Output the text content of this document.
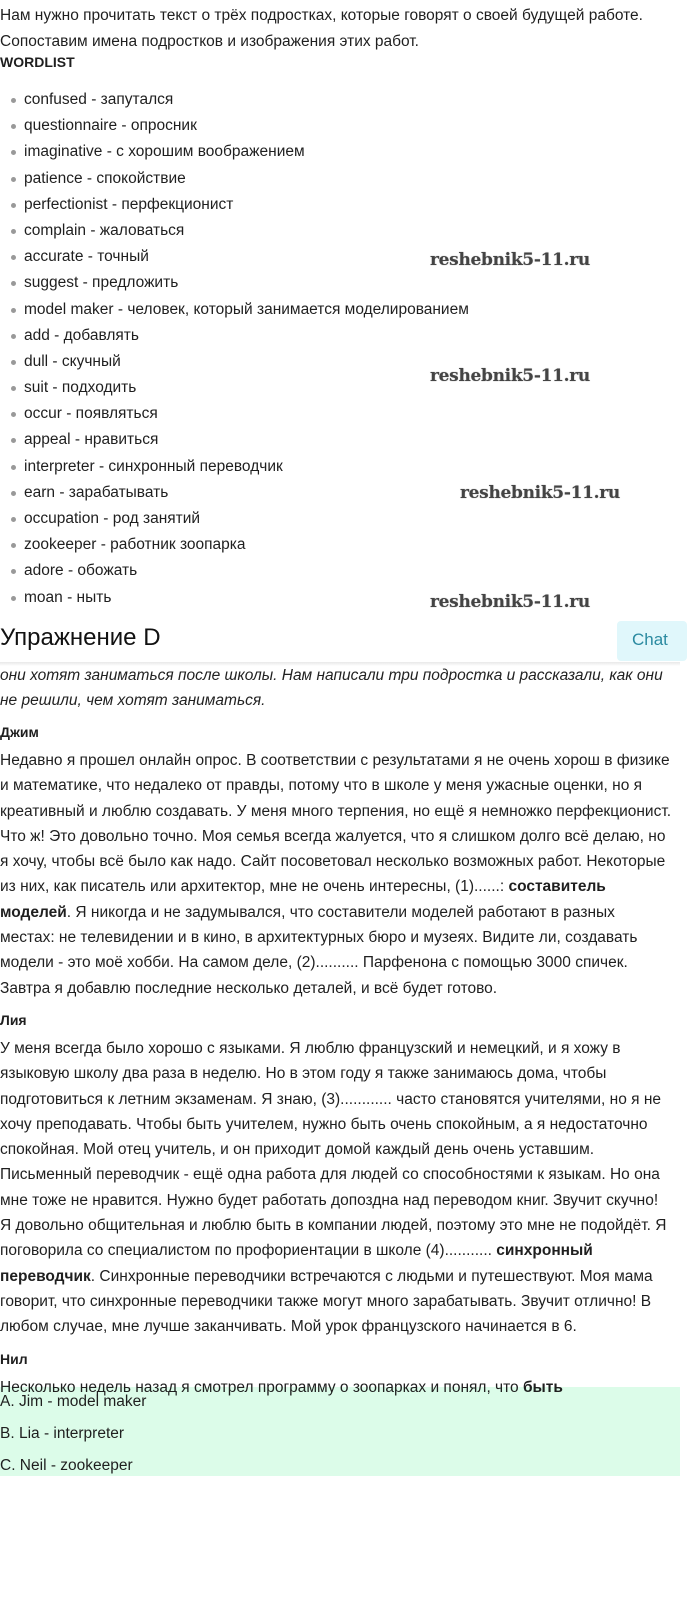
Нам нужно прочитать текст о трёх подростках, которые говорят о своей будущей работе. Сопоставим имена подростков и изображения этих работ.
WORDLIST
confused - запутался
questionnaire - опросник
imaginative - с хорошим воображением
patience - спокойствие
perfectionist - перфекционист
complain - жаловаться
accurate - точный
suggest - предложить
model maker - человек, который занимается моделированием
add - добавлять
dull - скучный
suit - подходить
occur - появляться
appeal - нравиться
interpreter - синхронный переводчик
earn - зарабатывать
occupation - род занятий
zookeeper - работник зоопарка
adore - обожать
moan - ныть
reshebnik5-11.ru
reshebnik5-11.ru
reshebnik5-11.ru
reshebnik5-11.ru
Упражнение D	Chat
они хотят заниматься после школы. Нам написали три подростка и рассказали, как они не решили, чем хотят заниматься.
Джим
Недавно я прошел онлайн опрос. В соответствии с результатами я не очень хорош в физике и математике, что недалеко от правды, потому что в школе у меня ужасные оценки, но я креативный и люблю создавать. У меня много терпения, но ещё я немножко перфекционист. Что ж! Это довольно точно. Моя семья всегда жалуется, что я слишком долго всё делаю, но я хочу, чтобы всё было как надо. Сайт посоветовал несколько возможных работ. Некоторые из них, как писатель или архитектор, мне не очень интересны, (1)......: составитель моделей. Я никогда и не задумывался, что составители моделей работают в разных местах: не телевидении и в кино, в архитектурных бюро и музеях. Видите ли, создавать модели - это моё хобби. На самом деле, (2).......... Парфенона с помощью 3000 спичек. Завтра я добавлю последние несколько деталей, и всё будет готово.
Лия
У меня всегда было хорошо с языками. Я люблю французский и немецкий, и я хожу в языковую школу два раза в неделю. Но в этом году я также занимаюсь дома, чтобы подготовиться к летним экзаменам. Я знаю, (3)............ часто становятся учителями, но я не хочу преподавать. Чтобы быть учителем, нужно быть очень спокойным, а я недостаточно спокойная. Мой отец учитель, и он приходит домой каждый день очень уставшим. Письменный переводчик - ещё одна работа для людей со способностями к языкам. Но она мне тоже не нравится. Нужно будет работать допоздна над переводом книг. Звучит скучно! Я довольно общительная и люблю быть в компании людей, поэтому это мне не подойдёт. Я поговорила со специалистом по профориентации в школе (4)........... синхронный переводчик. Синхронные переводчики встречаются с людьми и путешествуют. Моя мама говорит, что синхронные переводчики также могут много зарабатывать. Звучит отлично! В любом случае, мне лучше заканчивать. Мой урок французского начинается в 6.
Нил
Несколько недель назад я смотрел программу о зоопарках и понял, что быть
A. Jim - model maker
B. Lia - interpreter
C. Neil - zookeeper
